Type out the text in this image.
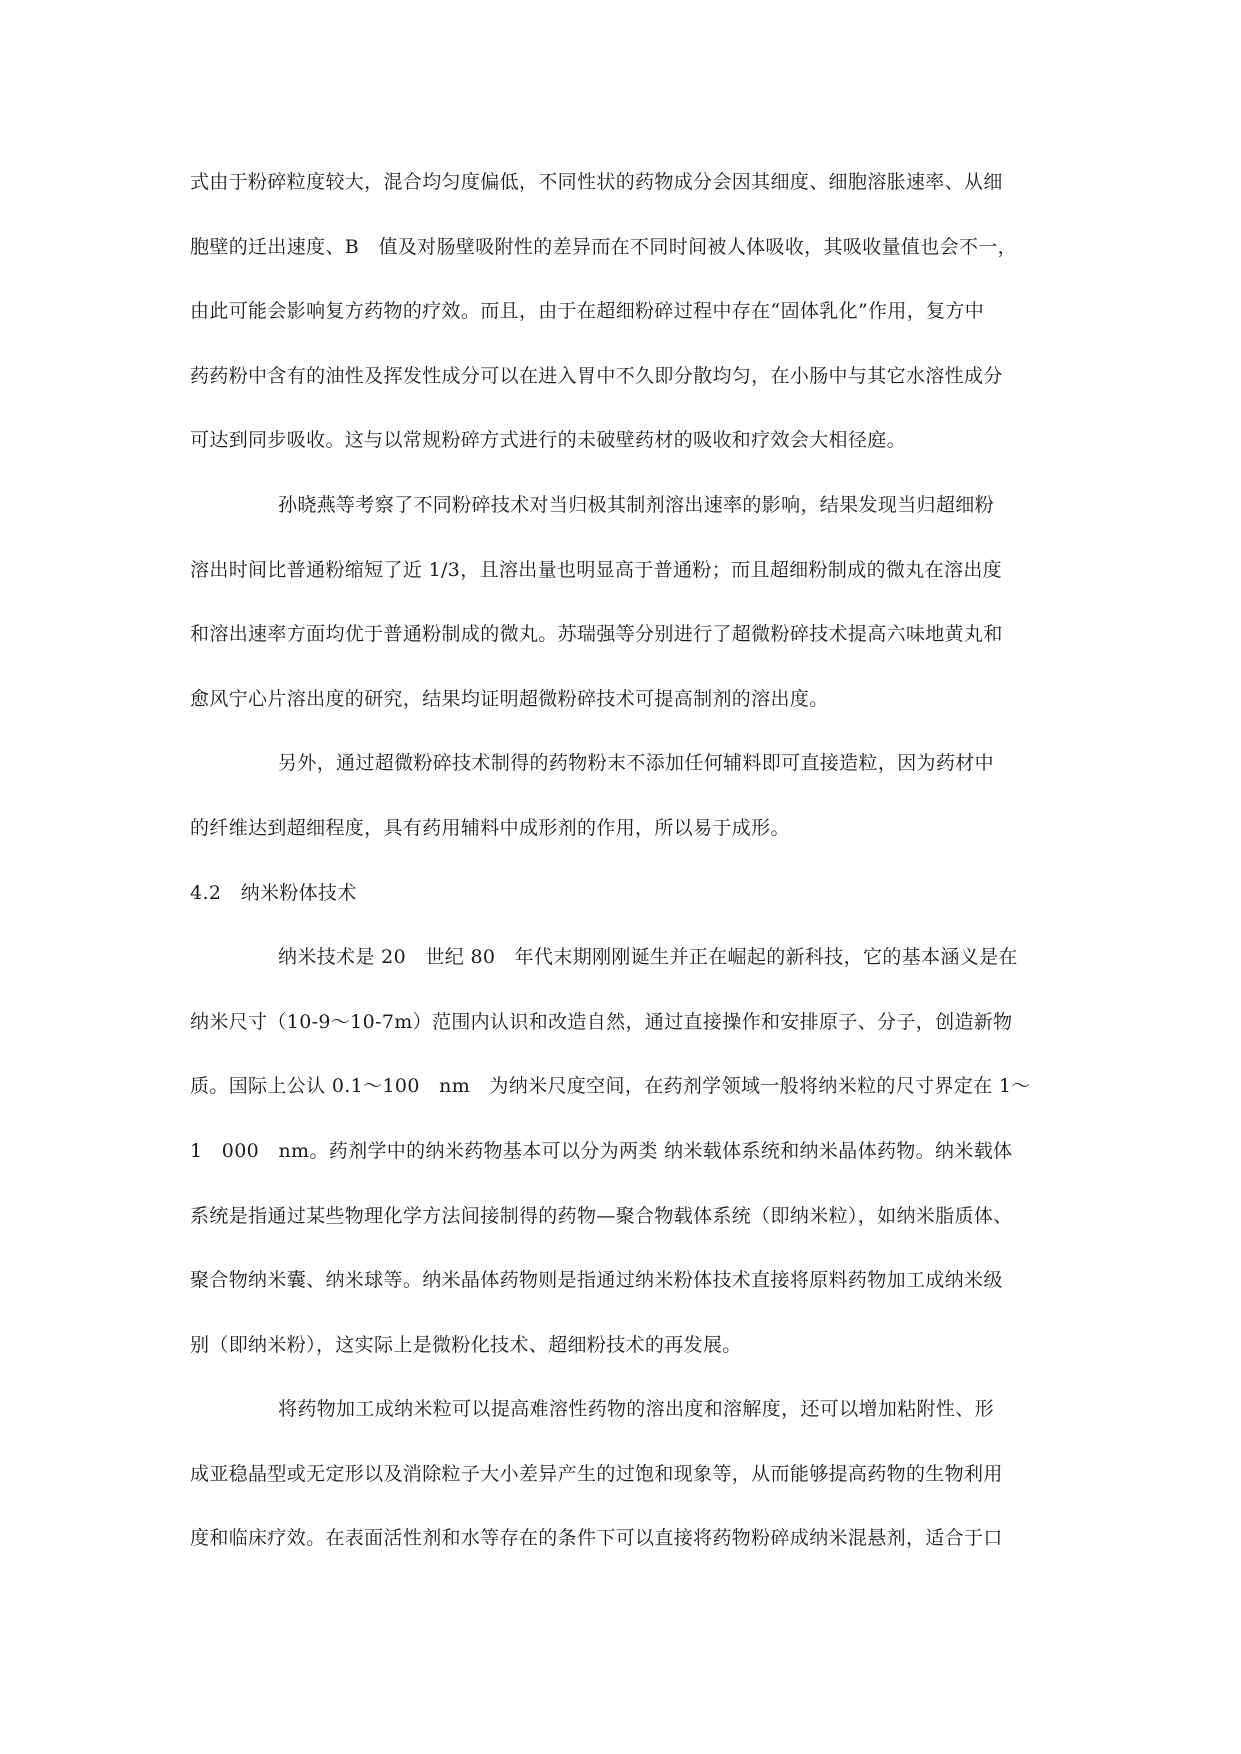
式由于粉碎粒度较大，混合均匀度偏低，不同性状的药物成分会因其细度、细胞溶胀速率、从细
胞壁的迁出速度、B　值及对肠壁吸附性的差异而在不同时间被人体吸收，其吸收量值也会不一，
由此可能会影响复方药物的疗效。而且，由于在超细粉碎过程中存在“固体乳化”作用，复方中
药药粉中含有的油性及挥发性成分可以在进入胃中不久即分散均匀，在小肠中与其它水溶性成分
可达到同步吸收。这与以常规粉碎方式进行的未破壁药材的吸收和疗效会大相径庭。
孙晓燕等考察了不同粉碎技术对当归极其制剂溶出速率的影响，结果发现当归超细粉
溶出时间比普通粉缩短了近 1/3，且溶出量也明显高于普通粉；而且超细粉制成的微丸在溶出度
和溶出速率方面均优于普通粉制成的微丸。苏瑞强等分别进行了超微粉碎技术提高六味地黄丸和
愈风宁心片溶出度的研究，结果均证明超微粉碎技术可提高制剂的溶出度。
另外，通过超微粉碎技术制得的药物粉末不添加任何辅料即可直接造粒，因为药材中
的纤维达到超细程度，具有药用辅料中成形剂的作用，所以易于成形。
4.2　纳米粉体技术
纳米技术是 20　世纪 80　年代末期刚刚诞生并正在崛起的新科技，它的基本涵义是在
纳米尺寸（10-9～10-7m）范围内认识和改造自然，通过直接操作和安排原子、分子，创造新物
质。国际上公认 0.1～100　nm　为纳米尺度空间，在药剂学领域一般将纳米粒的尺寸界定在 1～
1　000　nm。药剂学中的纳米药物基本可以分为两类 纳米载体系统和纳米晶体药物。纳米载体
系统是指通过某些物理化学方法间接制得的药物—聚合物载体系统（即纳米粒），如纳米脂质体、
聚合物纳米囊、纳米球等。纳米晶体药物则是指通过纳米粉体技术直接将原料药物加工成纳米级
别（即纳米粉），这实际上是微粉化技术、超细粉技术的再发展。
将药物加工成纳米粒可以提高难溶性药物的溶出度和溶解度，还可以增加粘附性、形
成亚稳晶型或无定形以及消除粒子大小差异产生的过饱和现象等，从而能够提高药物的生物利用
度和临床疗效。在表面活性剂和水等存在的条件下可以直接将药物粉碎成纳米混悬剂，适合于口
